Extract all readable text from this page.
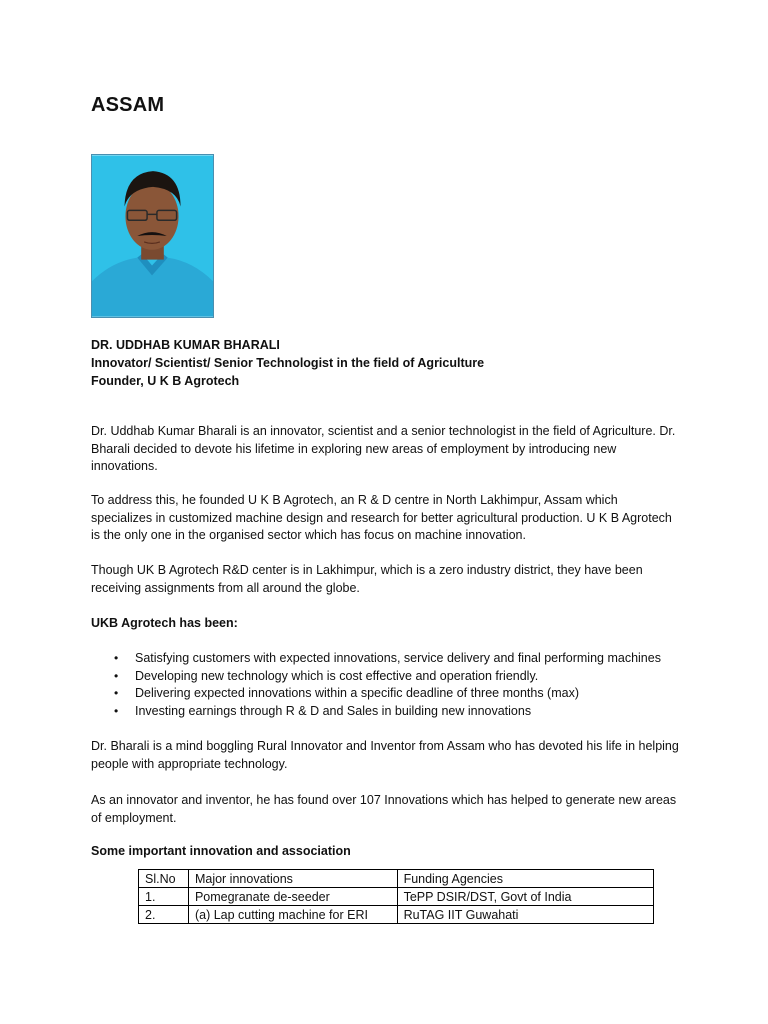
ASSAM
DR. UDDHAB KUMAR BHARALI
Innovator/ Scientist/ Senior Technologist in the field of Agriculture
Founder, U K B Agrotech

Dr. Uddhab Kumar Bharali is an innovator, scientist and a senior technologist in the field of Agriculture. Dr. Bharali decided to devote his lifetime in exploring new areas of employment by introducing new innovations.

To address this, he founded U K B Agrotech, an R & D centre in North Lakhimpur, Assam which specializes in customized machine design and research for better agricultural production. U K B Agrotech is the only one in the organised sector which has focus on machine innovation.

Though UK B Agrotech R&D center is in Lakhimpur, which is a zero industry district, they have been receiving assignments from all around the globe.

UKB Agrotech has been:

• Satisfying customers with expected innovations, service delivery and final performing machines
• Developing new technology which is cost effective and operation friendly.
• Delivering expected innovations within a specific deadline of three months (max)
• Investing earnings through R & D and Sales in building new innovations

Dr. Bharali is a mind boggling Rural Innovator and Inventor from Assam who has devoted his life in helping people with appropriate technology.

As an innovator and inventor, he has found over 107 Innovations which has helped to generate new areas of employment.

Some important innovation and association

Sl.No	Major innovations	Funding Agencies
1.	Pomegranate de-seeder	TePP DSIR/DST, Govt of India
2.	(a) Lap cutting machine for ERI	RuTAG IIT Guwahati
